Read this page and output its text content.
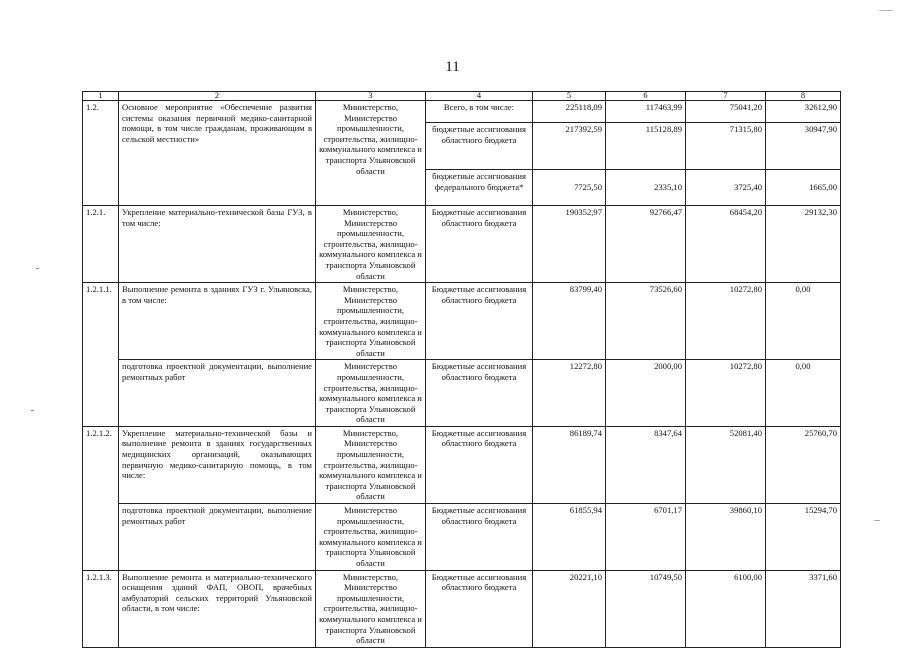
11
1	2	3	4	5	6	7	8
1.2.	Основное мероприятие «Обеспечение развития системы оказания первичной медико-санитарной помощи, в том числе гражданам, проживающим в сельской местности»	Министерство, Министерство промышленности, строительства, жилищно-коммунального комплекса и транспорта Ульяновской области	Всего, в том числе:	225118,09	117463,99	75041,20	32612,90
			бюджетные ассигнования областного бюджета	217392,59	115128,89	71315,80	30947,90
			бюджетные ассигнования федерального бюджета*	7725,50	2335,10	3725,40	1665,00
1.2.1.	Укрепление материально-технической базы ГУЗ, в том числе:	Министерство, Министерство промышленности, строительства, жилищно-коммунального комплекса и транспорта Ульяновской области	Бюджетные ассигнования областного бюджета	190352,97	92766,47	68454,20	29132,30
1.2.1.1.	Выполнение ремонта в зданиях ГУЗ г. Ульяновска, в том числе:	Министерство, Министерство промышленности, строительства, жилищно-коммунального комплекса и транспорта Ульяновской области	Бюджетные ассигнования областного бюджета	83799,40	73526,60	10272,80	0,00
	подготовка проектной документации, выполнение ремонтных работ	Министерство промышленности, строительства, жилищно-коммунального комплекса и транспорта Ульяновской области	Бюджетные ассигнования областного бюджета	12272,80	2000,00	10272,80	0,00
1.2.1.2.	Укрепление материально-технической базы и выполнение ремонта в зданиях государственных медицинских организаций, оказывающих первичную медико-санитарную помощь, в том числе:	Министерство, Министерство промышленности, строительства, жилищно-коммунального комплекса и транспорта Ульяновской области	Бюджетные ассигнования областного бюджета	86189,74	8347,64	52081,40	25760,70
	подготовка проектной документации, выполнение ремонтных работ	Министерство промышленности, строительства, жилищно-коммунального комплекса и транспорта Ульяновской области	Бюджетные ассигнования областного бюджета	61855,94	6701,17	39860,10	15294,70
1.2.1.3.	Выполнение ремонта и материально-технического оснащения зданий ФАП, ОВОП, врачебных амбулаторий сельских территорий Ульяновской области, в том числе:	Министерство, Министерство промышленности, строительства, жилищно-коммунального комплекса и транспорта Ульяновской области	Бюджетные ассигнования областного бюджета	20221,10	10749,50	6100,00	3371,60
